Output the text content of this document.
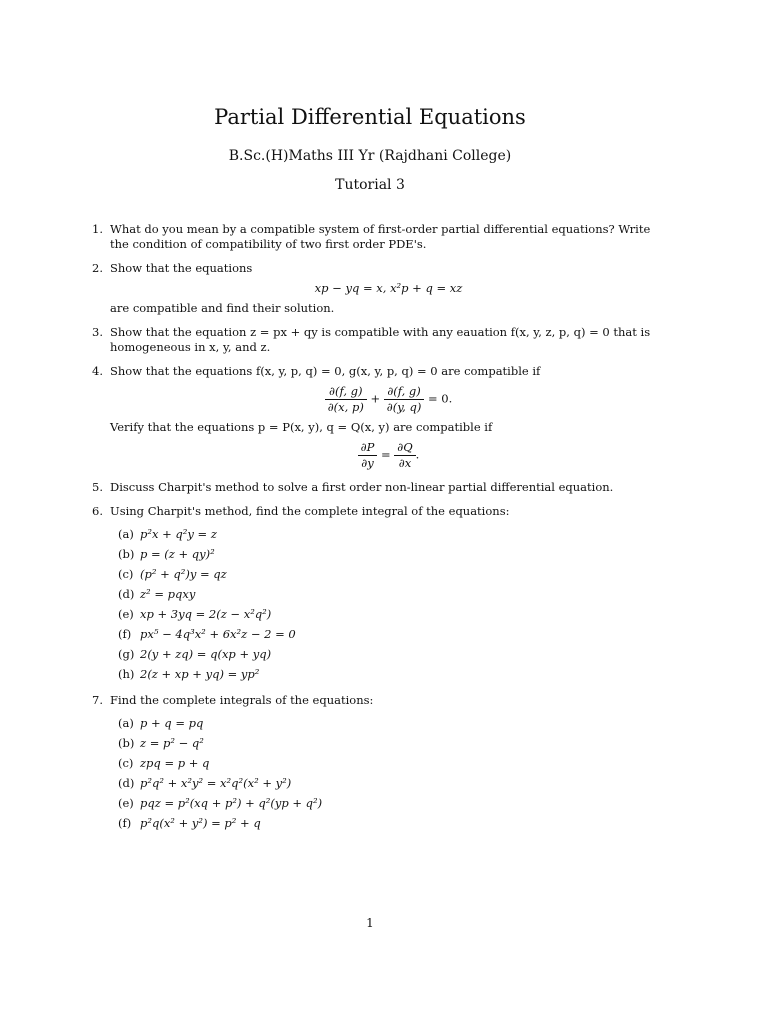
Partial Differential Equations
B.Sc.(H)Maths III Yr (Rajdhani College)
Tutorial 3
1. What do you mean by a compatible system of first-order partial differential equations? Write the condition of compatibility of two first order PDE's.
2. Show that the equations
xp − yq = x, x²p + q = xz
are compatible and find their solution.
3. Show that the equation z = px + qy is compatible with any eauation f(x, y, z, p, q) = 0 that is homogeneous in x, y, and z.
4. Show that the equations f(x, y, p, q) = 0, g(x, y, p, q) = 0 are compatible if
$\frac{\partial(f, g)}{\partial(x, p)} + \frac{\partial(f, g)}{\partial(y, q)} = 0$.
Verify that the equations p = P(x, y), q = Q(x, y) are compatible if
$\frac{\partial P}{\partial y} = \frac{\partial Q}{\partial x}$ .
5. Discuss Charpit's method to solve a first order non-linear partial differential equation.
6. Using Charpit's method, find the complete integral of the equations:
(a) p²x + q²y = z
(b) p = (z + qy)²
(c) (p² + q²)y = qz
(d) z² = pqxy
(e) xp + 3yq = 2(z − x²q²)
(f) px⁵ − 4q³x² + 6x²z − 2 = 0
(g) 2(y + zq) = q(xp + yq)
(h) 2(z + xp + yq) = yp²
7. Find the complete integrals of the equations:
(a) p + q = pq
(b) z = p² − q²
(c) zpq = p + q
(d) p²q² + x²y² = x²q²(x² + y²)
(e) pqz = p²(xq + p²) + q²(yp + q²)
(f) p²q(x² + y²) = p² + q
1
